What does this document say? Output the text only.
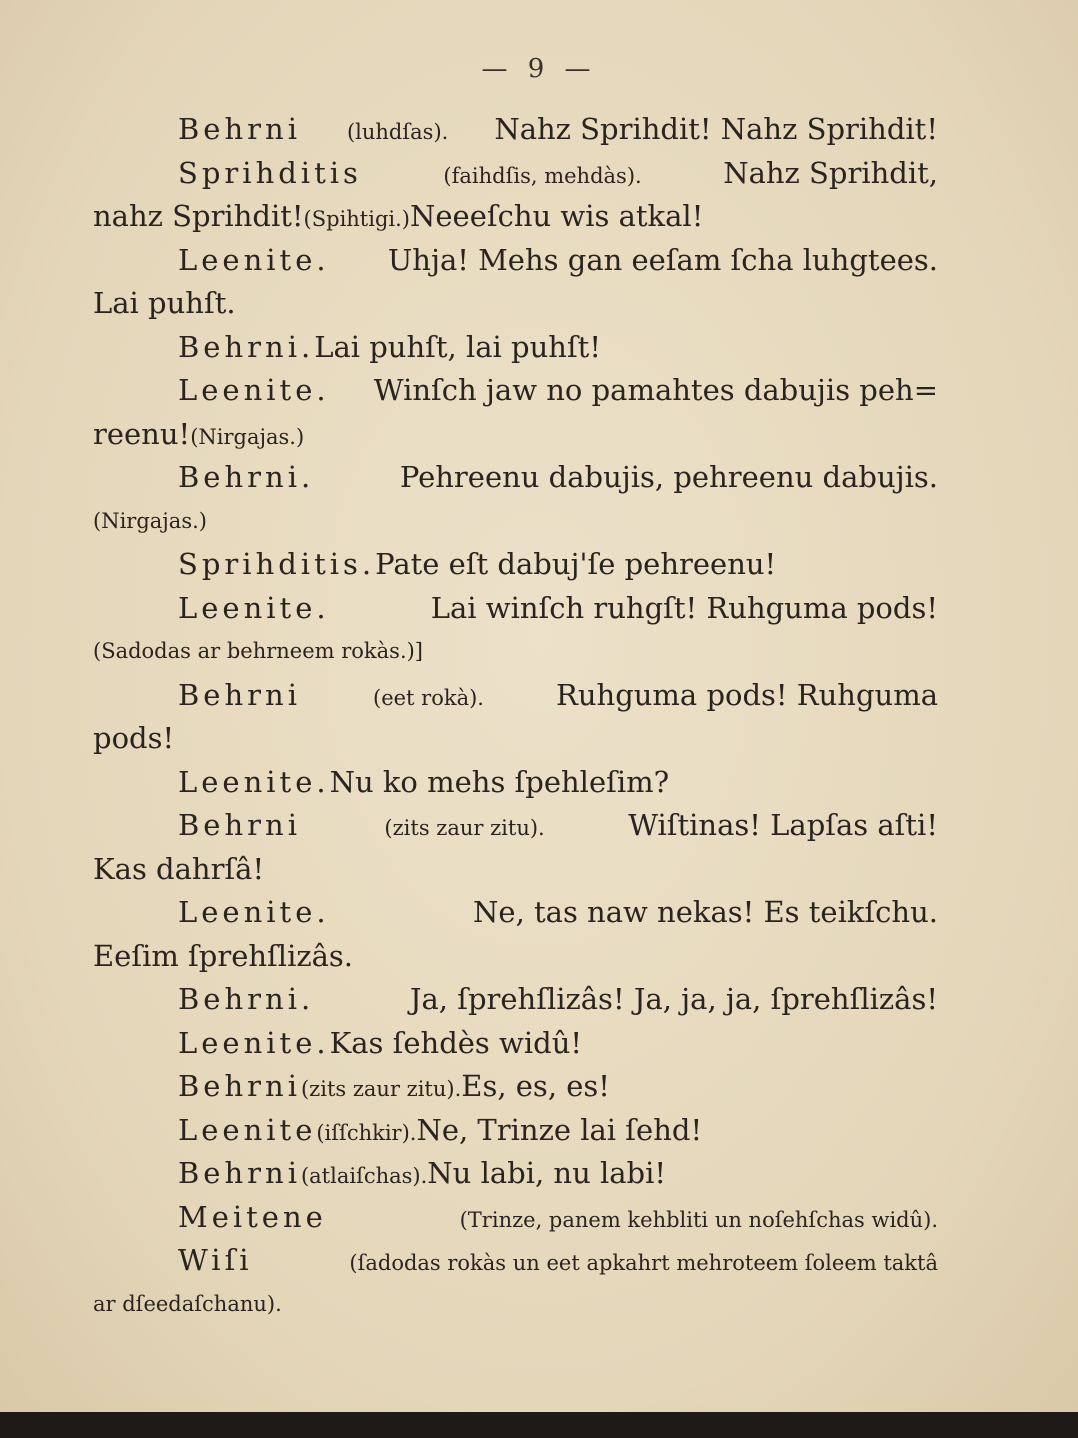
— 9 —
Behrni (luhdſas). Nahz Sprihdit! Nahz Sprihdit!
Sprihditis	(faihdſis, mehdàs).	Nahz Sprihdit,
nahz Sprihdit! (Spihtigi.) Neeeſchu wis atkal!
Leenite. Uhja! Mehs gan eeſam ſcha luhgtees.
Lai puhſt.
Behrni. Lai puhſt, lai puhſt!
Leenite. Winſch jaw no pamahtes dabujis peh=
reenu! (Nirgajas.)
Behrni.	Pehreenu dabujis, pehreenu dabujis.
(Nirgajas.)
Sprihditis. Pate eſt dabuj'ſe pehreenu!
Leenite.	Lai winſch ruhgſt! Ruhguma pods!
(Sadodas ar behrneem rokàs.)]
Behrni	(eet rokà). Ruhguma pods! Ruhguma
pods!
Leenite. Nu ko mehs ſpehleſim?
Behrni	(zits zaur zitu).	Wiſtinas! Lapſas aſti!
Kas dahrſâ!
Leenite.	Ne, tas naw nekas! Es teikſchu.
Eeſim ſprehſlizâs.
Behrni.	Ja, ſprehſlizâs! Ja, ja, ja, ſprehſlizâs!
Leenite. Kas ſehdès widû!
Behrni (zits zaur zitu). Es, es, es!
Leenite (iſſchkir). Ne, Trinze lai ſehd!
Behrni (atlaiſchas). Nu labi, nu labi!
Meitene	(Trinze, panem kehbliti un noſehſchas widû).
Wiſi	(ſadodas rokàs un eet apkahrt mehroteem ſoleem taktâ
ar dſeedaſchanu).
